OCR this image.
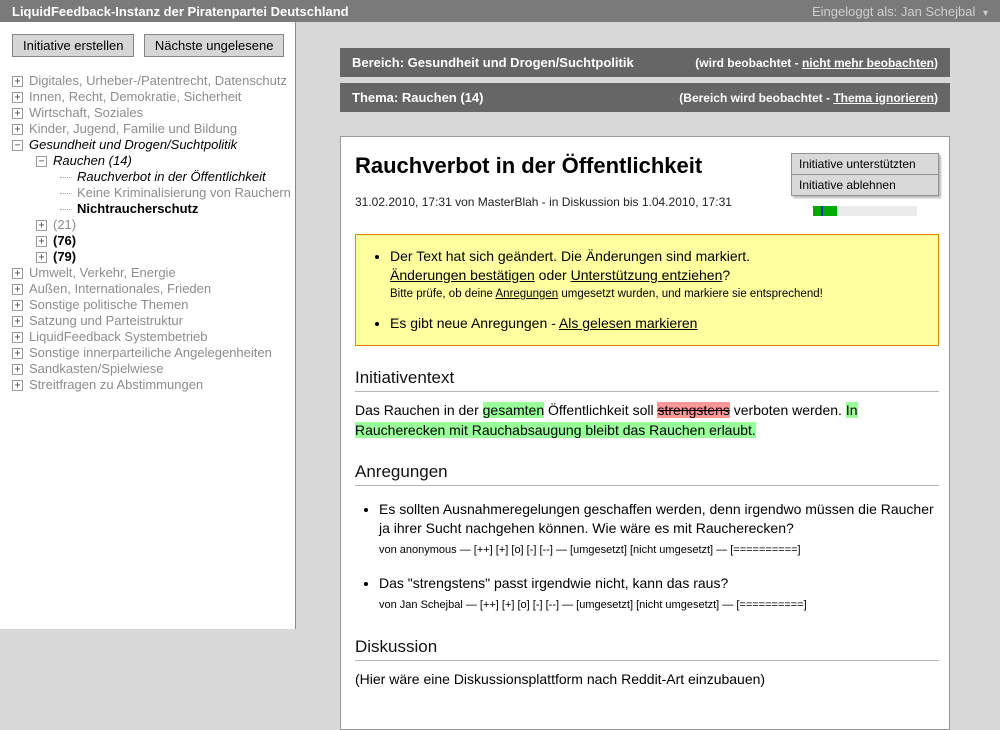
LiquidFeedback-Instanz der Piratenpartei Deutschland	Eingeloggt als: Jan Schejbal ▾
Initiative erstellen Nächste ungelesene
+ Digitales, Urheber-/Patentrecht, Datenschutz
+ Innen, Recht, Demokratie, Sicherheit
+ Wirtschaft, Soziales
+ Kinder, Jugend, Familie und Bildung
− Gesundheit und Drogen/Suchtpolitik
− Rauchen (14)
Rauchverbot in der Öffentlichkeit
Keine Kriminalisierung von Rauchern
Nichtraucherschutz
+ (21)
+ (76)
+ (79)
+ Umwelt, Verkehr, Energie
+ Außen, Internationales, Frieden
+ Sonstige politische Themen
+ Satzung und Parteistruktur
+ LiquidFeedback Systembetrieb
+ Sonstige innerparteiliche Angelegenheiten
+ Sandkasten/Spielwiese
+ Streitfragen zu Abstimmungen
Bereich: Gesundheit und Drogen/Suchtpolitik	(wird beobachtet - nicht mehr beobachten)
Thema: Rauchen (14)	(Bereich wird beobachtet - Thema ignorieren)
Rauchverbot in der Öffentlichkeit
31.02.2010, 17:31 von MasterBlah - in Diskussion bis 1.04.2010, 17:31
Initiative unterstützten
Initiative ablehnen
• Der Text hat sich geändert. Die Änderungen sind markiert.
Änderungen bestätigen oder Unterstützung entziehen?
Bitte prüfe, ob deine Anregungen umgesetzt wurden, und markiere sie entsprechend!
• Es gibt neue Anregungen - Als gelesen markieren
Initiativentext

Das Rauchen in der gesamten Öffentlichkeit soll strengstens verboten werden. In Raucherecken mit Rauchabsaugung bleibt das Rauchen erlaubt.

Anregungen
• Es sollten Ausnahmeregelungen geschaffen werden, denn irgendwo müssen die Raucher ja ihrer Sucht nachgehen können. Wie wäre es mit Raucherecken?
von anonymous — [++] [+] [o] [-] [--] — [umgesetzt] [nicht umgesetzt] — [==========]
• Das "strengstens" passt irgendwie nicht, kann das raus?
von Jan Schejbal — [++] [+] [o] [-] [--] — [umgesetzt] [nicht umgesetzt] — [==========]
Diskussion

(Hier wäre eine Diskussionsplattform nach Reddit-Art einzubauen)
